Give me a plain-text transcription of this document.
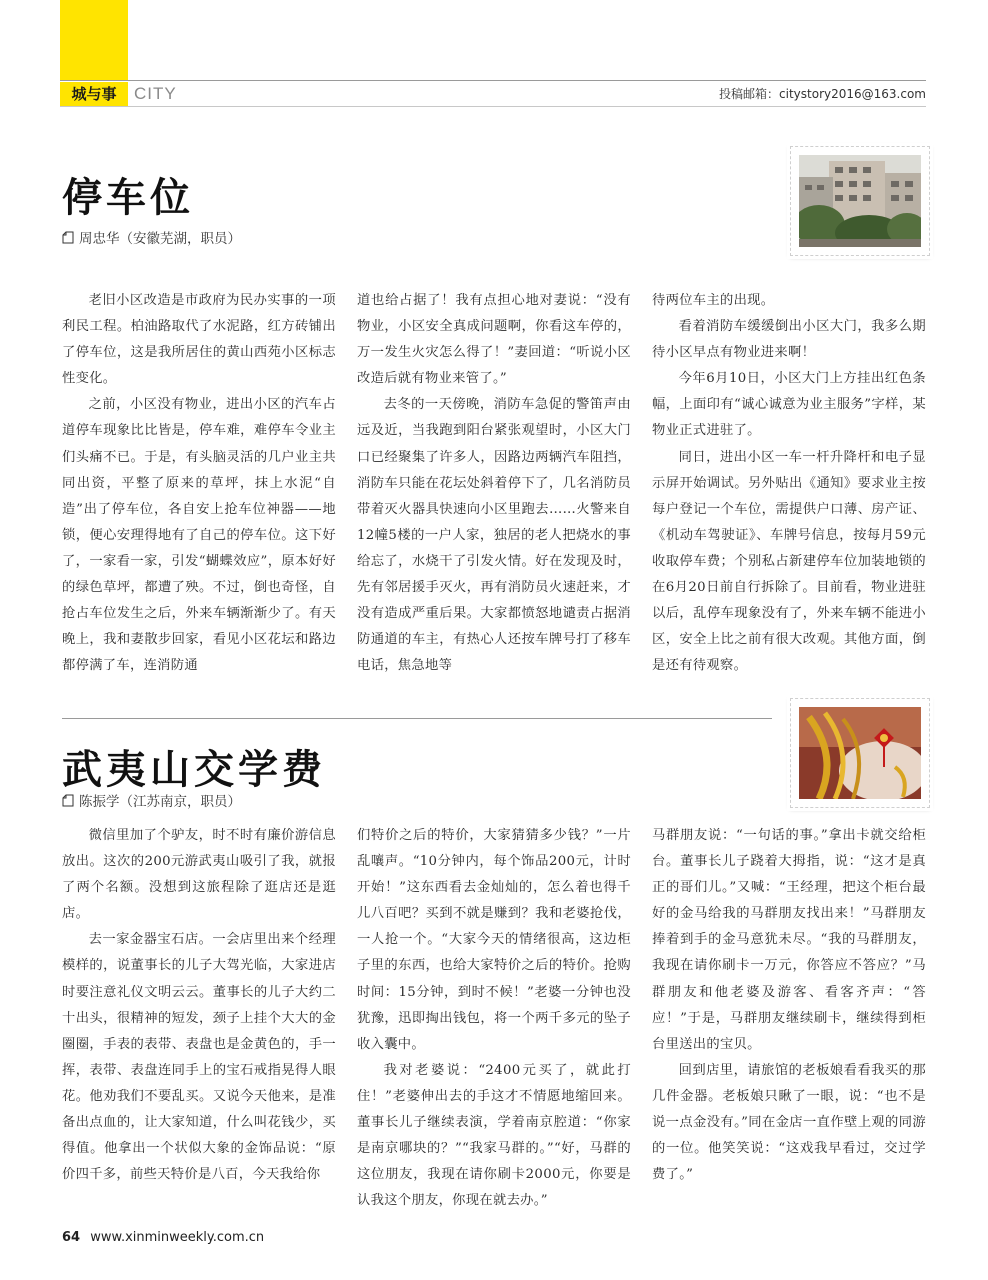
城与事	CITY	投稿邮箱：citystory2016@163.com
停车位
周忠华（安徽芜湖，职员）

老旧小区改造是市政府为民办实事的一项利民工程。柏油路取代了水泥路，红方砖铺出了停车位，这是我所居住的黄山西苑小区标志性变化。

之前，小区没有物业，进出小区的汽车占道停车现象比比皆是，停车难，难停车令业主们头痛不已。于是，有头脑灵活的几户业主共同出资，平整了原来的草坪，抹上水泥“自造”出了停车位，各自安上抢车位神器——地锁，便心安理得地有了自己的停车位。这下好了，一家看一家，引发“蝴蝶效应”，原本好好的绿色草坪，都遭了殃。不过，倒也奇怪，自抢占车位发生之后，外来车辆渐渐少了。有天晚上，我和妻散步回家，看见小区花坛和路边都停满了车，连消防通

道也给占据了！我有点担心地对妻说：“没有物业，小区安全真成问题啊，你看这车停的，万一发生火灾怎么得了！”妻回道：“听说小区改造后就有物业来管了。”

去冬的一天傍晚，消防车急促的警笛声由远及近，当我跑到阳台紧张观望时，小区大门口已经聚集了许多人，因路边两辆汽车阻挡，消防车只能在花坛处斜着停下了，几名消防员带着灭火器具快速向小区里跑去……火警来自12幢5楼的一户人家，独居的老人把烧水的事给忘了，水烧干了引发火情。好在发现及时，先有邻居援手灭火，再有消防员火速赶来，才没有造成严重后果。大家都愤怒地谴责占据消防通道的车主，有热心人还按车牌号打了移车电话，焦急地等

待两位车主的出现。

看着消防车缓缓倒出小区大门，我多么期待小区早点有物业进来啊！

今年6月10日，小区大门上方挂出红色条幅，上面印有“诚心诚意为业主服务”字样，某物业正式进驻了。

同日，进出小区一车一杆升降杆和电子显示屏开始调试。另外贴出《通知》要求业主按每户登记一个车位，需提供户口薄、房产证、《机动车驾驶证》、车牌号信息，按每月59元收取停车费；个别私占新建停车位加装地锁的在6月20日前自行拆除了。目前看，物业进驻以后，乱停车现象没有了，外来车辆不能进小区，安全上比之前有很大改观。其他方面，倒是还有待观察。

武夷山交学费
陈振学（江苏南京，职员）

微信里加了个驴友，时不时有廉价游信息放出。这次的200元游武夷山吸引了我，就报了两个名额。没想到这旅程除了逛店还是逛店。

去一家金器宝石店。一会店里出来个经理模样的，说董事长的儿子大驾光临，大家进店时要注意礼仪文明云云。董事长的儿子大约二十出头，很精神的短发，颈子上挂个大大的金圈圈，手表的表带、表盘也是金黄色的，手一挥，表带、表盘连同手上的宝石戒指晃得人眼花。他劝我们不要乱买。又说今天他来，是准备出点血的，让大家知道，什么叫花钱少，买得值。他拿出一个状似大象的金饰品说：“原价四千多，前些天特价是八百，今天我给你

们特价之后的特价，大家猜猜多少钱？”一片乱嚷声。“10分钟内，每个饰品200元，计时开始！”这东西看去金灿灿的，怎么着也得千儿八百吧？买到不就是赚到？我和老婆抢伐，一人抢一个。“大家今天的情绪很高，这边柜子里的东西，也给大家特价之后的特价。抢购时间：15分钟，到时不候！”老婆一分钟也没犹豫，迅即掏出钱包，将一个两千多元的坠子收入囊中。

我对老婆说：“2400元买了，就此打住！”老婆伸出去的手这才不情愿地缩回来。董事长儿子继续表演，学着南京腔道：“你家是南京哪块的？”“我家马群的。”“好，马群的这位朋友，我现在请你刷卡2000元，你要是认我这个朋友，你现在就去办。”

马群朋友说：“一句话的事。”拿出卡就交给柜台。董事长儿子跷着大拇指，说：“这才是真正的哥们儿。”又喊：“王经理，把这个柜台最好的金马给我的马群朋友找出来！”马群朋友捧着到手的金马意犹未尽。“我的马群朋友，我现在请你刷卡一万元，你答应不答应？”马群朋友和他老婆及游客、看客齐声：“答应！”于是，马群朋友继续刷卡，继续得到柜台里送出的宝贝。

回到店里，请旅馆的老板娘看看我买的那几件金器。老板娘只瞅了一眼，说：“也不是说一点金没有。”同在金店一直作壁上观的同游的一位。他笑笑说：“这戏我早看过，交过学费了。”

64 www.xinminweekly.com.cn
